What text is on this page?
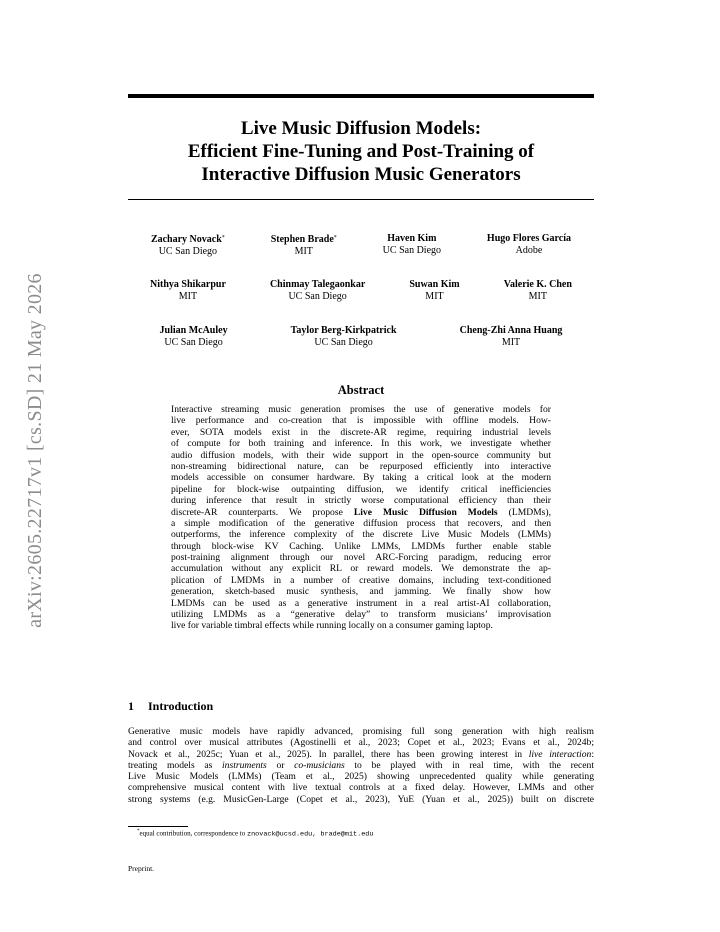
arXiv:2605.22717v1 [cs.SD] 21 May 2026
Live Music Diffusion Models:
Efficient Fine-Tuning and Post-Training of
Interactive Diffusion Music Generators
Zachary Novack*
UC San Diego
Stephen Brade*
MIT
Haven Kim
UC San Diego
Hugo Flores García
Adobe
Nithya Shikarpur
MIT
Chinmay Talegaonkar
UC San Diego
Suwan Kim
MIT
Valerie K. Chen
MIT
Julian McAuley
UC San Diego
Taylor Berg-Kirkpatrick
UC San Diego
Cheng-Zhi Anna Huang
MIT
Abstract
Interactive streaming music generation promises the use of generative models for
live performance and co-creation that is impossible with offline models. How-
ever, SOTA models exist in the discrete-AR regime, requiring industrial levels
of compute for both training and inference. In this work, we investigate whether
audio diffusion models, with their wide support in the open-source community but
non-streaming bidirectional nature, can be repurposed efficiently into interactive
models accessible on consumer hardware. By taking a critical look at the modern
pipeline for block-wise outpainting diffusion, we identify critical inefficiencies
during inference that result in strictly worse computational efficiency than their
discrete-AR counterparts. We propose Live Music Diffusion Models (LMDMs),
a simple modification of the generative diffusion process that recovers, and then
outperforms, the inference complexity of the discrete Live Music Models (LMMs)
through block-wise KV Caching. Unlike LMMs, LMDMs further enable stable
post-training alignment through our novel ARC-Forcing paradigm, reducing error
accumulation without any explicit RL or reward models. We demonstrate the ap-
plication of LMDMs in a number of creative domains, including text-conditioned
generation, sketch-based music synthesis, and jamming. We finally show how
LMDMs can be used as a generative instrument in a real artist-AI collaboration,
utilizing LMDMs as a “generative delay” to transform musicians’ improvisation
live for variable timbral effects while running locally on a consumer gaming laptop.
1 Introduction
Generative music models have rapidly advanced, promising full song generation with high realism
and control over musical attributes (Agostinelli et al., 2023; Copet et al., 2023; Evans et al., 2024b;
Novack et al., 2025c; Yuan et al., 2025). In parallel, there has been growing interest in live interaction:
treating models as instruments or co-musicians to be played with in real time, with the recent
Live Music Models (LMMs) (Team et al., 2025) showing unprecedented quality while generating
comprehensive musical content with live textual controls at a fixed delay. However, LMMs and other
strong systems (e.g. MusicGen-Large (Copet et al., 2023), YuE (Yuan et al., 2025)) built on discrete
*equal contribution, correspondence to znovack@ucsd.edu, brade@mit.edu
Preprint.
